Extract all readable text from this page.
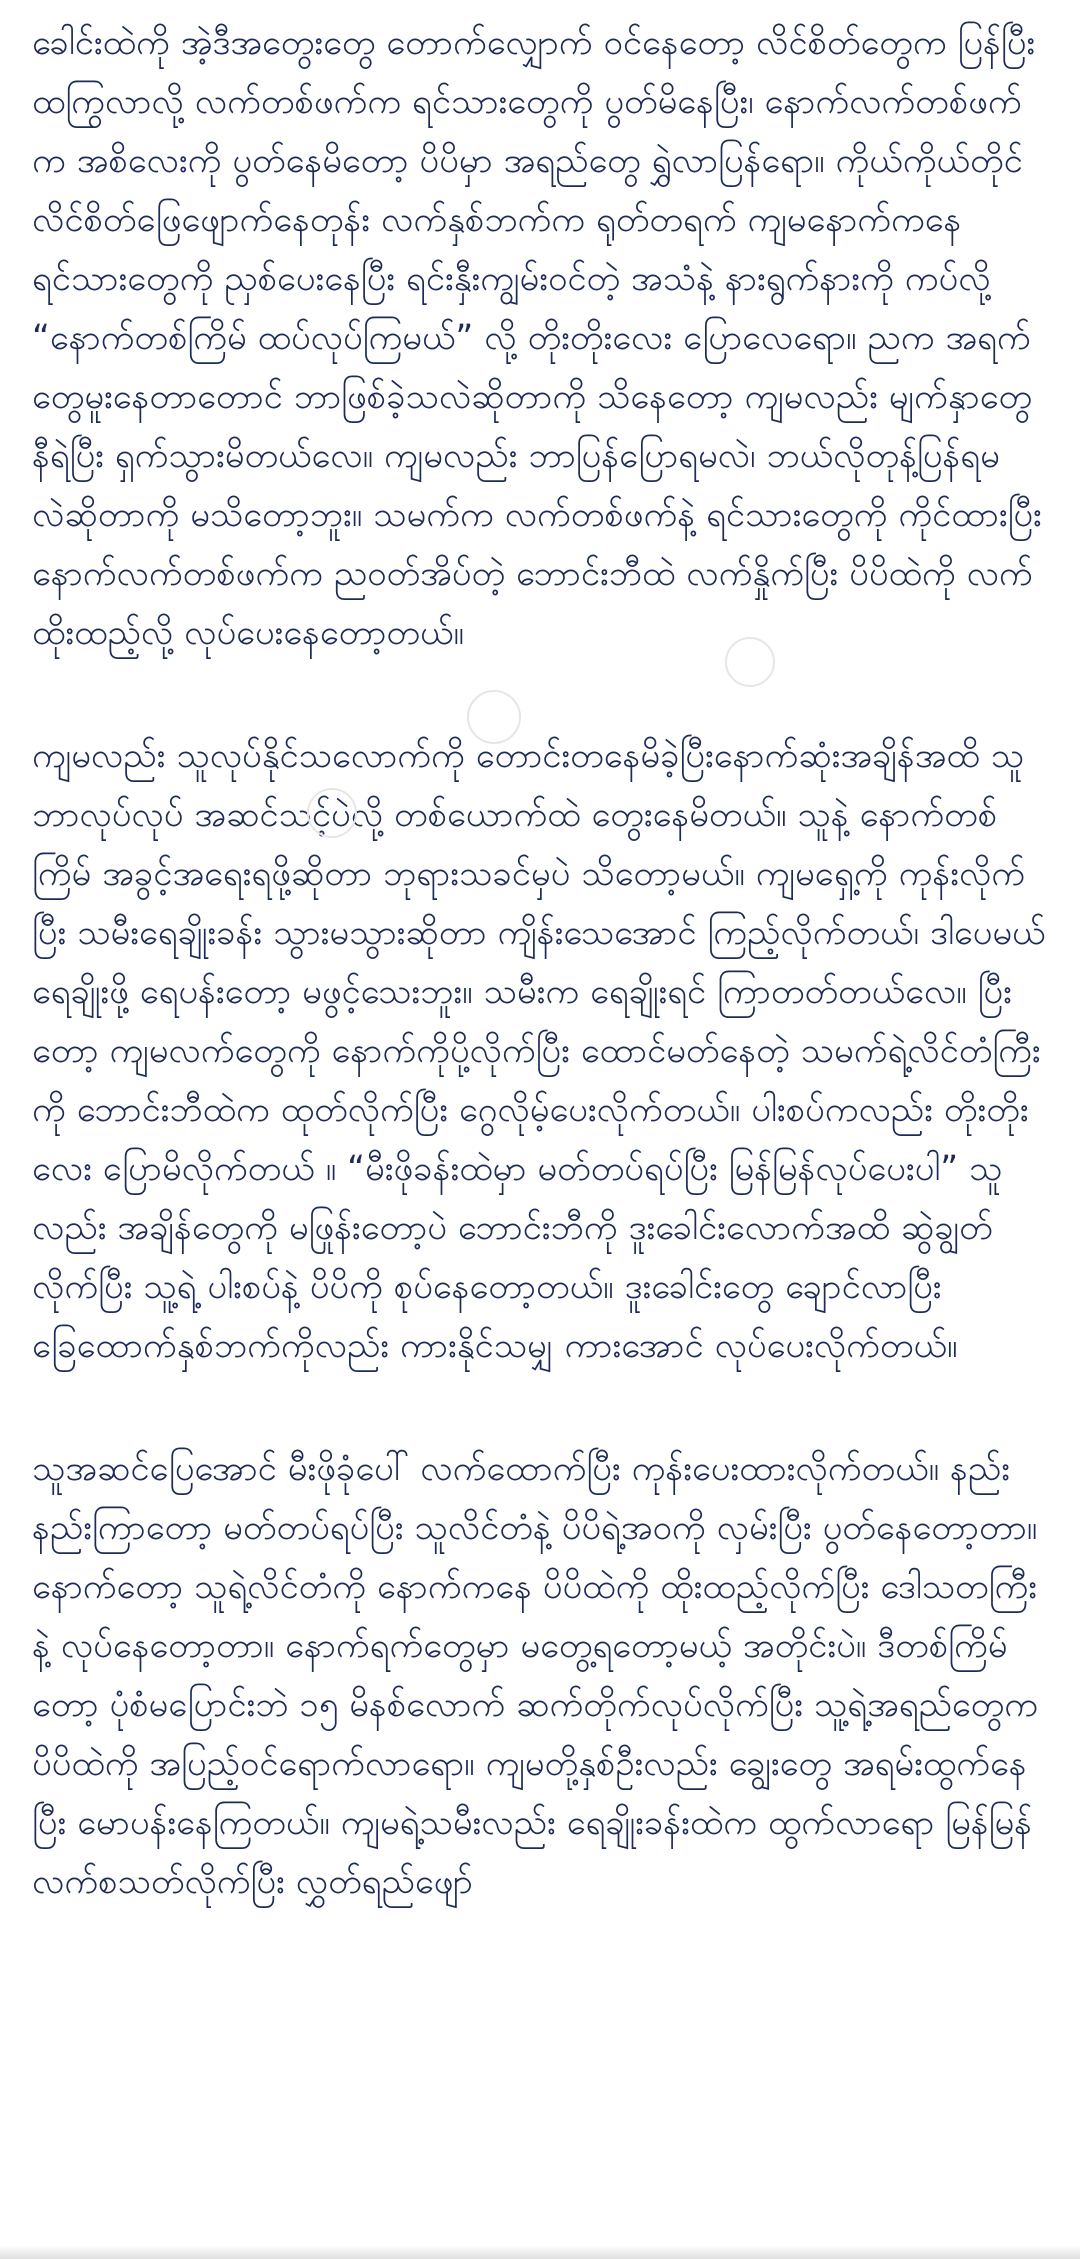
ခေါင်းထဲကို အဲ့ဒီအတွေးတွေ တောက်လျှောက် ဝင်နေတော့ လိင်စိတ်တွေက ပြန်ပြီးထကြွလာလို့ လက်တစ်ဖက်က ရင်သားတွေကို ပွတ်မိနေပြီး၊ နောက်လက်တစ်ဖက်က အစိလေးကို ပွတ်နေမိတော့ ပိပိမှာ အရည်တွေ ရွှဲလာပြန်ရော။ ကိုယ်ကိုယ်တိုင် လိင်စိတ်ဖြေဖျောက်နေတုန်း လက်နှစ်ဘက်က ရုတ်တရက် ကျမနောက်ကနေ ရင်သားတွေကို ညှစ်ပေးနေပြီး ရင်းနှီးကျွမ်းဝင်တဲ့ အသံနဲ့ နားရွက်နားကို ကပ်လို့ “နောက်တစ်ကြိမ် ထပ်လုပ်ကြမယ်” လို့ တိုးတိုးလေး ပြောလေရော။ ညက အရက်တွေမူးနေတာတောင် ဘာဖြစ်ခဲ့သလဲဆိုတာကို သိနေတော့ ကျမလည်း မျက်နှာတွေနီရဲပြီး ရှက်သွားမိတယ်လေ။ ကျမလည်း ဘာပြန်ပြောရမလဲ၊ ဘယ်လိုတုန့်ပြန်ရမလဲဆိုတာကို မသိတော့ဘူး။ သမက်က လက်တစ်ဖက်နဲ့ ရင်သားတွေကို ကိုင်ထားပြီး နောက်လက်တစ်ဖက်က ညဝတ်အိပ်တဲ့ ဘောင်းဘီထဲ လက်နှိုက်ပြီး ပိပိထဲကို လက်ထိုးထည့်လို့ လုပ်ပေးနေတော့တယ်။

ကျမလည်း သူလုပ်နိုင်သလောက်ကို တောင်းတနေမိခဲ့ပြီးနောက်ဆုံးအချိန်အထိ သူဘာလုပ်လုပ် အဆင်သင့်ပဲလို့ တစ်ယောက်ထဲ တွေးနေမိတယ်။ သူနဲ့ နောက်တစ်ကြိမ် အခွင့်အရေးရဖို့ဆိုတာ ဘုရားသခင်မှပဲ သိတော့မယ်။ ကျမရှေ့ကို ကုန်းလိုက်ပြီး သမီးရေချိုးခန်း သွားမသွားဆိုတာ ကျိန်းသေအောင် ကြည့်လိုက်တယ်၊ ဒါပေမယ် ရေချိုးဖို့ ရေပန်းတော့ မဖွင့်သေးဘူး။ သမီးက ရေချိုးရင် ကြာတတ်တယ်လေ။ ပြီးတော့ ကျမလက်တွေကို နောက်ကိုပို့လိုက်ပြီး ထောင်မတ်နေတဲ့ သမက်ရဲ့လိင်တံကြီးကို ဘောင်းဘီထဲက ထုတ်လိုက်ပြီး ဂွေလိုမ့်ပေးလိုက်တယ်။ ပါးစပ်ကလည်း တိုးတိုးလေး ပြောမိလိုက်တယ် ။ “မီးဖိုခန်းထဲမှာ မတ်တပ်ရပ်ပြီး မြန်မြန်လုပ်ပေးပါ” သူလည်း အချိန်တွေကို မဖြုန်းတော့ပဲ ဘောင်းဘီကို ဒူးခေါင်းလောက်အထိ ဆွဲချွတ်လိုက်ပြီး သူ့ရဲ့ ပါးစပ်နဲ့ ပိပိကို စုပ်နေတော့တယ်။ ဒူးခေါင်းတွေ ချောင်လာပြီး ခြေထောက်နှစ်ဘက်ကိုလည်း ကားနိုင်သမျှ ကားအောင် လုပ်ပေးလိုက်တယ်။

သူအဆင်ပြေအောင် မီးဖိုခုံပေါ် လက်ထောက်ပြီး ကုန်းပေးထားလိုက်တယ်။ နည်းနည်းကြာတော့ မတ်တပ်ရပ်ပြီး သူလိင်တံနဲ့ ပိပိရဲ့အဝကို လှမ်းပြီး ပွတ်နေတော့တာ။ နောက်တော့ သူရဲ့လိင်တံကို နောက်ကနေ ပိပိထဲကို ထိုးထည့်လိုက်ပြီး ဒေါသတကြီးနဲ့ လုပ်နေတော့တာ။ နောက်ရက်တွေမှာ မတွေ့ရတော့မယ့် အတိုင်းပဲ။ ဒီတစ်ကြိမ်တော့ ပုံစံမပြောင်းဘဲ ၁၅ မိနစ်လောက် ဆက်တိုက်လုပ်လိုက်ပြီး သူ့ရဲ့အရည်တွေက ပိပိထဲကို အပြည့်ဝင်ရောက်လာရော။ ကျမတို့နှစ်ဦးလည်း ချွေးတွေ အရမ်းထွက်နေပြီး မောပန်းနေကြတယ်။ ကျမရဲ့သမီးလည်း ရေချိုးခန်းထဲက ထွက်လာရော မြန်မြန် လက်စသတ်လိုက်ပြီး လွှတ်ရည်ဖျော်
